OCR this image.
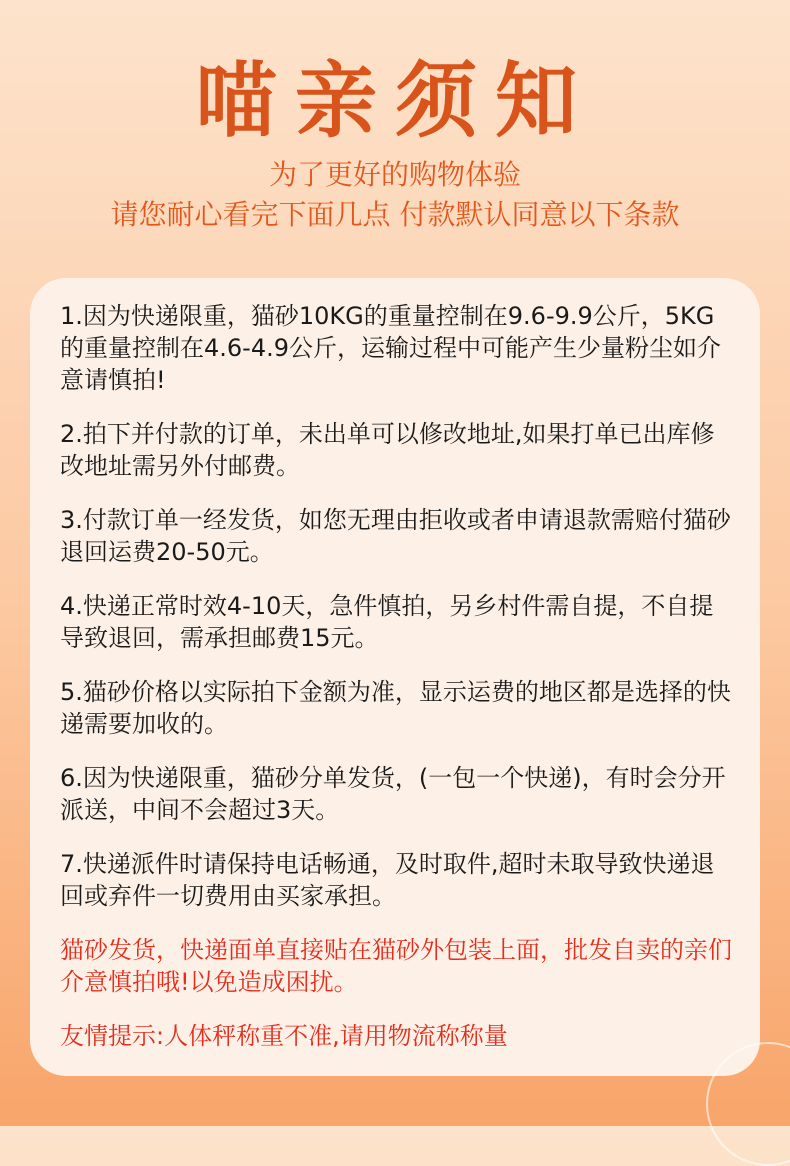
喵亲须知
为了更好的购物体验
请您耐心看完下面几点 付款默认同意以下条款

1.因为快递限重，猫砂10KG的重量控制在9.6-9.9公斤，5KG的重量控制在4.6-4.9公斤，运输过程中可能产生少量粉尘如介意请慎拍!

2.拍下并付款的订单，未出单可以修改地址,如果打单已出库修改地址需另外付邮费。

3.付款订单一经发货，如您无理由拒收或者申请退款需赔付猫砂退回运费20-50元。

4.快递正常时效4-10天，急件慎拍，另乡村件需自提，不自提导致退回，需承担邮费15元。

5.猫砂价格以实际拍下金额为准，显示运费的地区都是选择的快递需要加收的。

6.因为快递限重，猫砂分单发货，(一包一个快递)，有时会分开派送，中间不会超过3天。

7.快递派件时请保持电话畅通，及时取件,超时未取导致快递退回或弃件一切费用由买家承担。

猫砂发货，快递面单直接贴在猫砂外包装上面，批发自卖的亲们介意慎拍哦!以免造成困扰。

友情提示:人体秤称重不准,请用物流称称量
